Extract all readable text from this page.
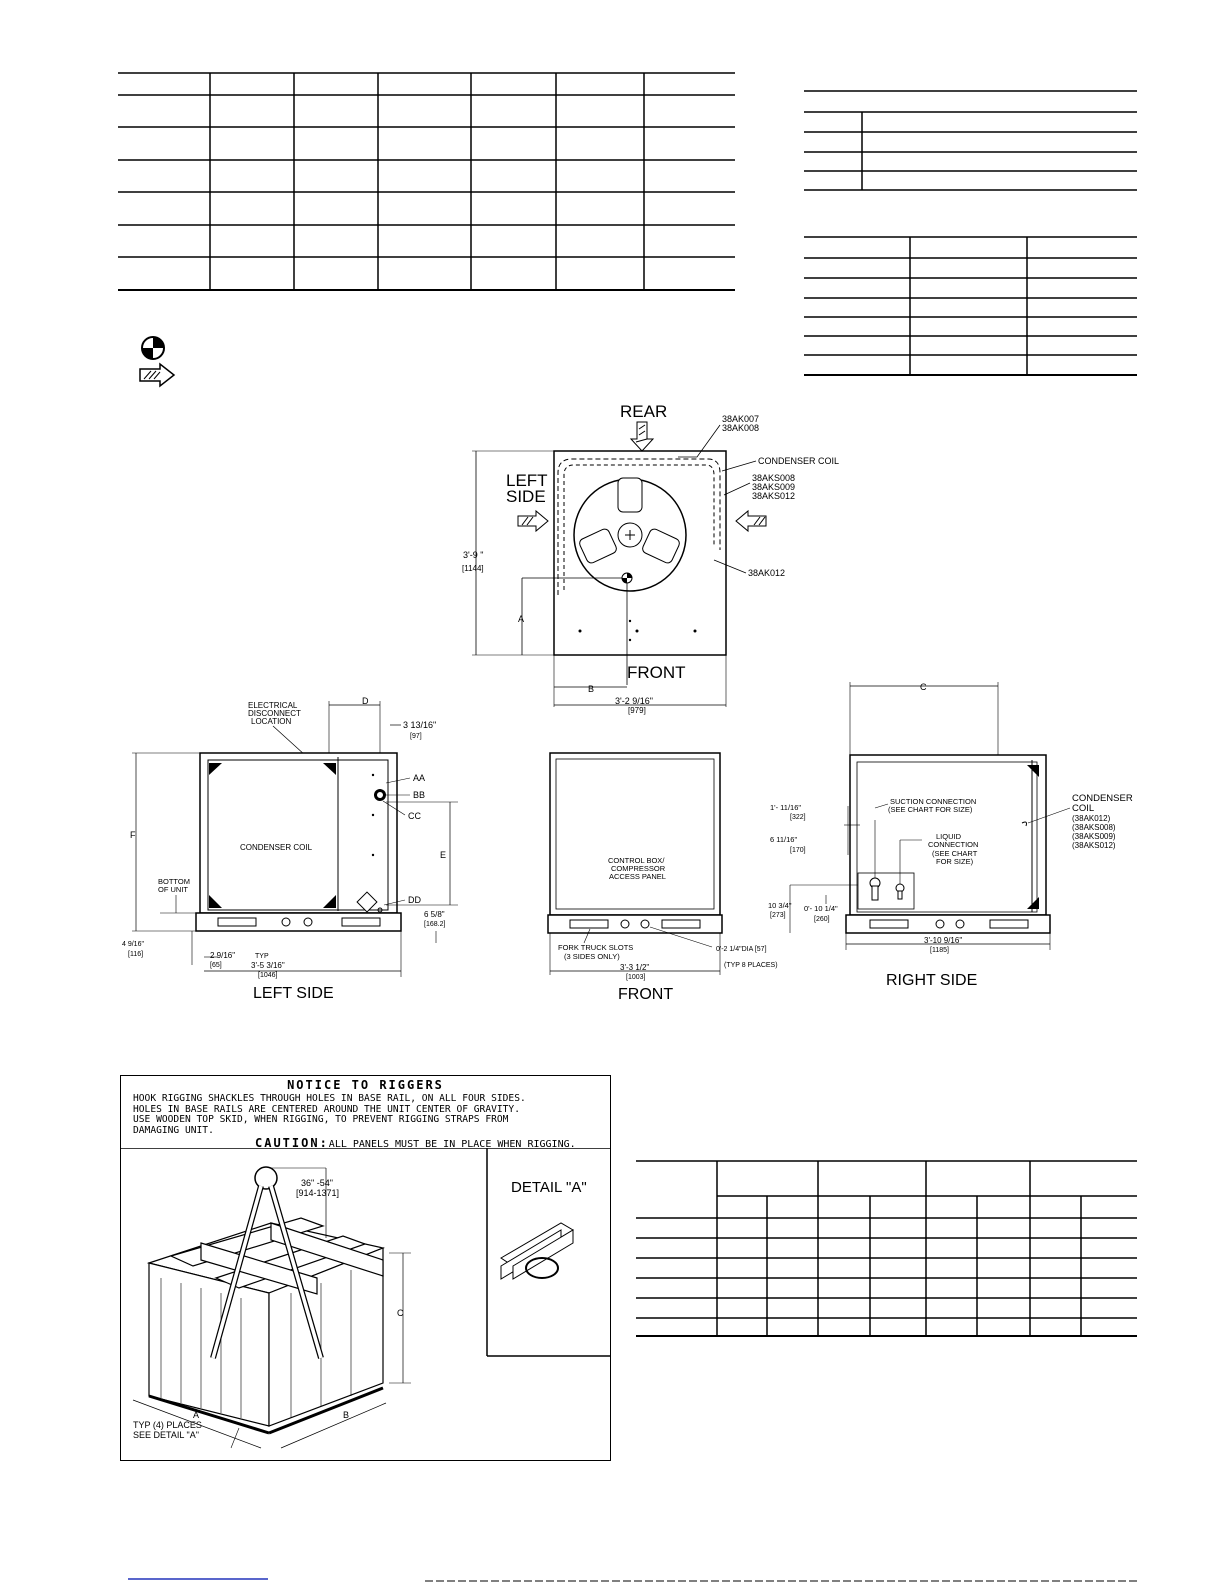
REAR	38AK007
38AK008
CONDENSER COIL
38AKS008
38AKS009
38AKS012
LEFT
SIDE
38AK012
3'-9 "
[1144]
A
FRONT
B
3'-2 9/16"
[979]
ELECTRICAL
DISCONNECT
LOCATION
D
3 13/16"
[97]
CONDENSER COIL
AA
BB
CC
DD
E
F
BOTTOM
OF UNIT
4 9/16"
[116]	2 9/16"	TYP
[65]	3'-5 3/16"
[1046]
6 5/8"
[168.2]
LEFT SIDE
CONTROL BOX/
COMPRESSOR
ACCESS PANEL
FORK TRUCK SLOTS
(3 SIDES ONLY)
0'-2 1/4"DIA [57]
(TYP 8 PLACES)
3'-3 1/2"
[1003]
FRONT
C
SUCTION CONNECTION
(SEE CHART FOR SIZE)
LIQUID
CONNECTION
(SEE CHART
FOR SIZE)
CONDENSER
COIL
(38AK012)
(38AKS008)
(38AKS009)
(38AKS012)
1'- 11/16"
[322]
6 11/16"
[170]
10 3/4"
[273]
0'- 10 1/4"
[260]
3'-10 9/16"
[1185]
RIGHT SIDE
NOTICE TO RIGGERS
HOOK RIGGING SHACKLES THROUGH HOLES IN BASE RAIL, ON ALL FOUR SIDES.
HOLES IN BASE RAILS ARE CENTERED AROUND THE UNIT CENTER OF GRAVITY.
USE WOODEN TOP SKID, WHEN RIGGING, TO PREVENT RIGGING STRAPS FROM
DAMAGING UNIT.
CAUTION:ALL PANELS MUST BE IN PLACE WHEN RIGGING.
DETAIL "A"
36" -54"
[914-1371]
C
A	B
TYP (4) PLACES
SEE DETAIL "A"
